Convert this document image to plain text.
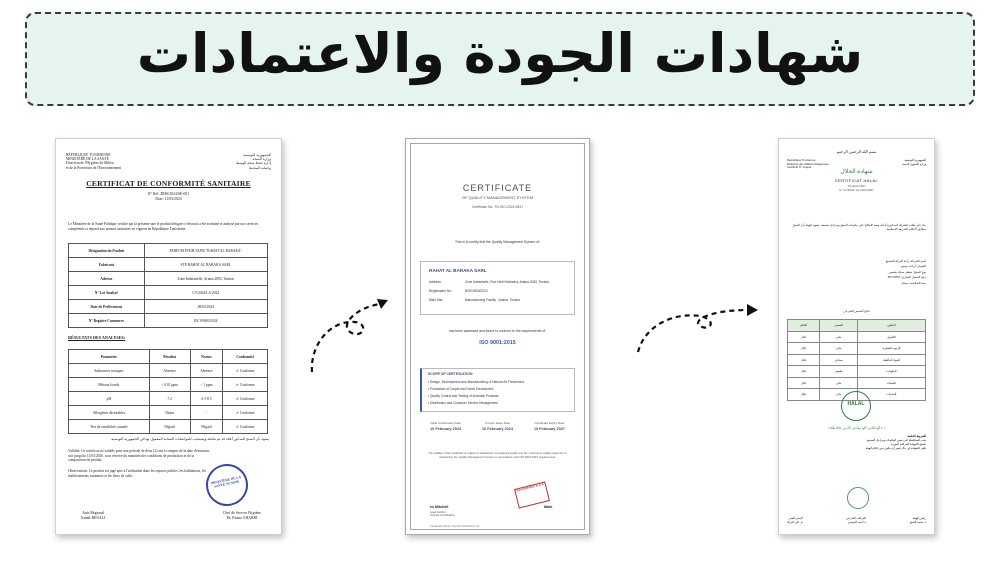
شهادات الجودة والاعتمادات
RÉPUBLIQUE TUNISIENNE
MINISTÈRE DE LA SANTÉ
Direction de l'Hygiène du Milieu
et de la Protection de l'Environnement
الجمهورية التونسية
وزارة الصحة
إدارة حفظ صحة الوسط
وحماية المحيط
CERTIFICAT DE CONFORMITÉ SANITAIRE
N° Réf: DHS/2024/SE-001
Date: 11/03/2024
Le Ministère de la Santé Publique certifie par la présente que le produit désigné ci-dessous a été examiné et analysé par nos services compétents et répond aux normes sanitaires en vigueur en République Tunisienne.
Désignation du Produit	PARFUM POUR TAPIS "RAHAT AL BARAKA"
Fabricant	STE RAHAT AL BARAKA SARL
Adresse	Zone Industrielle, Ariana 2083, Tunisie
N° Lot Analysé	CT/2024/LA/2024
Date de Prélèvement	08/03/2024
N° Registre Commerce	B2/1096/02/024
RÉSULTATS DES ANALYSES:
Paramètre	Résultat	Norme	Conformité
Substances toxiques	Absence	Absence	✔ Conforme
Métaux lourds	< 0.01 ppm	< 1 ppm	✔ Conforme
pH	7.2	6.5-8.5	✔ Conforme
Allergènes déclarables	Néant	-	✔ Conforme
Test de sensibilité cutanée	Négatif	Négatif	✔ Conforme
يشهد بأن المنتج المذكور أعلاه قد تم تحليله ويستجيب للمواصفات الصحية المعمول بها في الجمهورية التونسية
Validité: Ce certificat est valable pour une période de deux (2) ans à compter de la date d'émission, soit jusqu'au 11/03/2026, sous réserve du maintien des conditions de production et de la composition du produit.
Observations: Le produit est jugé apte à l'utilisation dans les espaces publics, les habitations, les établissements sanitaires et les lieux de culte.	MINISTÈRE DE LA SANTÉ TUNISIE
Anis Régional
Ismail BENALI
Chef de Service Hygiène
Dr. Fatma GHARBI
CERTIFICATE
OF QUALITY MANAGEMENT SYSTEM
Certificate No: TN-ISO-2024-0847
This is to certify that the Quality Management System of:
RAHAT AL BARAKA SARL
Address:	Zone Industrielle, Rue Hédi Khefacha, Ariana 2083, Tunisia
Registration No:	B2570803/2023
Main Site:	Manufacturing Facility - Ariana, Tunisia
has been assessed and found to conform to the requirements of:
ISO 9001:2015
SCOPE OF CERTIFICATION
• Design, Development and Manufacturing of Natural Air Fresheners
• Production of Carpet and Fabric Deodorizers
• Quality Control and Testing of Aromatic Products
• Distribution and Customer Service Management
Initial Certification Date
10 February 2024
Current Issue Date
10 February 2024
Certificate Expiry Date
10 February 2027
The validity of this certificate is subject to satisfactory surveillance audits and the continuous validity depends on maintaining the Quality Management System in accordance with ISO 9001:2015 requirements.
ISO CERTIFIED ★ ★ ★
es Mitchell
Lead Auditor
Intertek Certification
Mark
Certification Body: Intertek Certification Ltd.
بسم الله الرحمن الرحيم
République Tunisienne
Ministère des Affaires Religieuses
Certificat N° unique
الجمهورية التونسية
وزارة الشؤون الدينية
شهادة الحلال
CERTIFICAT HALAL
TN-2024-0847
N° Certificat: HL-2024-0847
بناء على طلب الشركة المذكورة أدناه، وبعد الاطلاع على مكونات المنتج ومراحل تصنيعه، تشهد الهيئة بأن المنتج مطابق لأحكام الشريعة الإسلامية
اسم الشركة: راحة البركة للتصنيع
العنوان: أريانة، تونس
نوع المنتج: معطر سجاد طبيعي
رقم السجل التجاري: B2570803
مدة الصلاحية: سنتان
نتائج الفحص الشرعي
الحكم	المصدر	المكون
حلال	نباتي	الكحول
حلال	نباتي	الزيوت العطرية
حلال	صناعي	المواد الحافظة
حلال	طبيعي	الملونات
حلال	نباتي	المثبتات
حلال	مائي	المذيبات
HALAL
﴿ يَا أَيُّهَا النَّاسُ كُلُوا مِمَّا فِي الْأَرْضِ حَلَالًا طَيِّبًا ﴾
الشروط الخاصة:
يجب المحافظة على نفس المكونات ومراحل التصنيع
تخضع الشهادة للمراقبة الدورية
تلغى الشهادة في حال تغيير أي مكون دون إعلام الهيئة
رئيس الهيئة
د. محمد الشيخ
المراقب الشرعي
د. أحمد التونسي
المدير الفني
م. علي البركة
